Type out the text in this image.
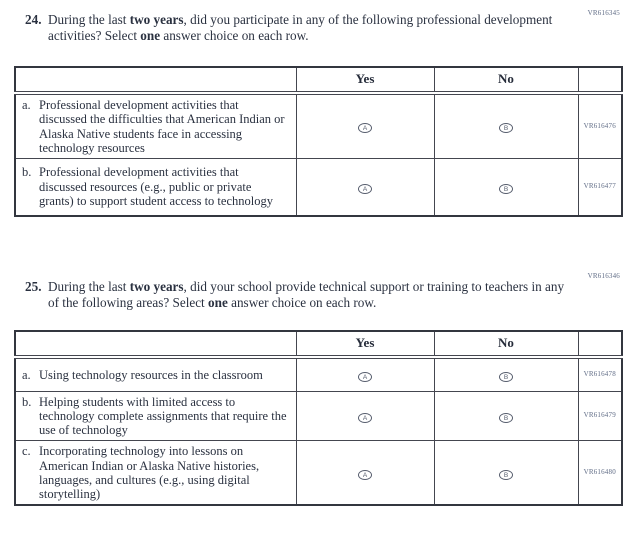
VR616345
24. During the last two years, did you participate in any of the following professional development activities? Select one answer choice on each row.
	Yes	No	

a. Professional development activities that discussed the difficulties that American Indian or Alaska Native students face in accessing technology resources	A	B	VR616476

b. Professional development activities that discussed resources (e.g., public or private grants) to support student access to technology	A	B	VR616477
VR616346
25. During the last two years, did your school provide technical support or training to teachers in any of the following areas? Select one answer choice on each row.
	Yes	No	

a. Using technology resources in the classroom	A	B	VR616478

b. Helping students with limited access to technology complete assignments that require the use of technology	A	B	VR616479

c. Incorporating technology into lessons on American Indian or Alaska Native histories, languages, and cultures (e.g., using digital storytelling)	A	B	VR616480
